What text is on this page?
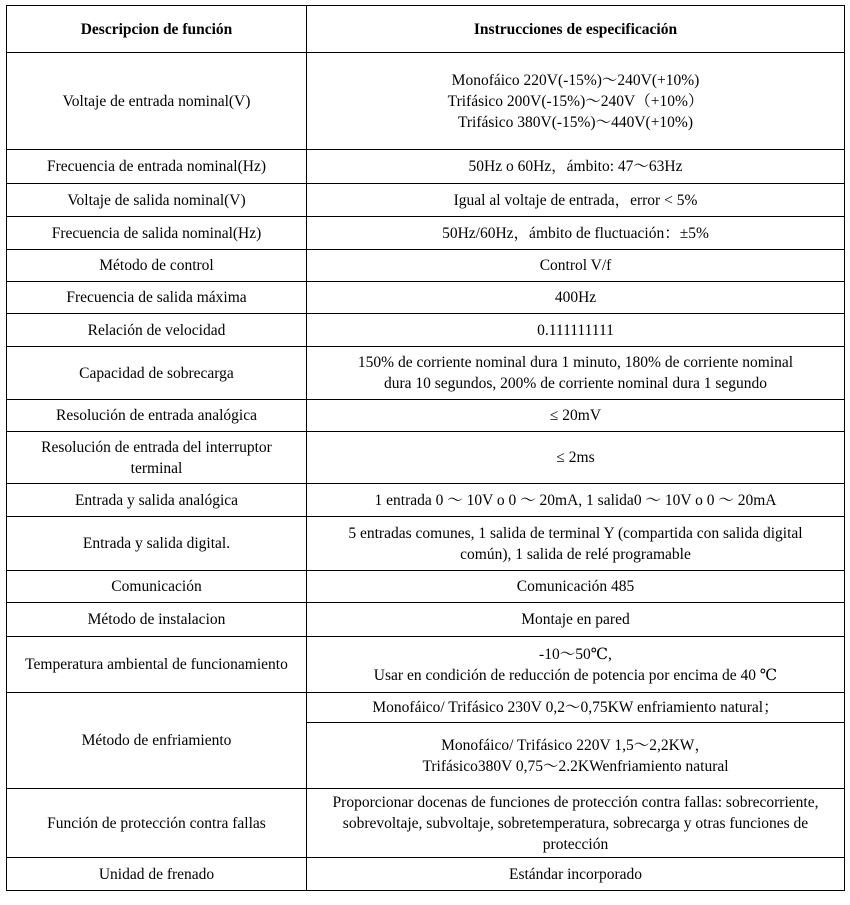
Descripcion de función	Instrucciones de especificación
Voltaje de entrada nominal(V)	Monofáico 220V(-15%)～240V(+10%)
Trifásico 200V(-15%)～240V（+10%）
Trifásico 380V(-15%)～440V(+10%)
Frecuencia de entrada nominal(Hz)	50Hz o 60Hz，ámbito: 47～63Hz
Voltaje de salida nominal(V)	Igual al voltaje de entrada，error < 5%
Frecuencia de salida nominal(Hz)	50Hz/60Hz，ámbito de fluctuación：±5%
Método de control	Control V/f
Frecuencia de salida máxima	400Hz
Relación de velocidad	0.111111111
Capacidad de sobrecarga	150% de corriente nominal dura 1 minuto, 180% de corriente nominal
dura 10 segundos, 200% de corriente nominal dura 1 segundo
Resolución de entrada analógica	≤ 20mV
Resolución de entrada del interruptor
terminal	≤ 2ms
Entrada y salida analógica	1 entrada 0 ～ 10V o 0 ～ 20mA, 1 salida0 ～ 10V o 0 ～ 20mA
Entrada y salida digital.	5 entradas comunes, 1 salida de terminal Y (compartida con salida digital
común), 1 salida de relé programable
Comunicación	Comunicación 485
Método de instalacion	Montaje en pared
Temperatura ambiental de funcionamiento	-10～50℃,
Usar en condición de reducción de potencia por encima de 40 ℃
Método de enfriamiento	Monofáico/ Trifásico 230V 0,2～0,75KW enfriamiento natural；
	Monofáico/ Trifásico 220V 1,5～2,2KW，
Trifásico380V 0,75～2.2KWenfriamiento natural
Función de protección contra fallas	Proporcionar docenas de funciones de protección contra fallas: sobrecorriente,
sobrevoltaje, subvoltaje, sobretemperatura, sobrecarga y otras funciones de
protección
Unidad de frenado	Estándar incorporado
